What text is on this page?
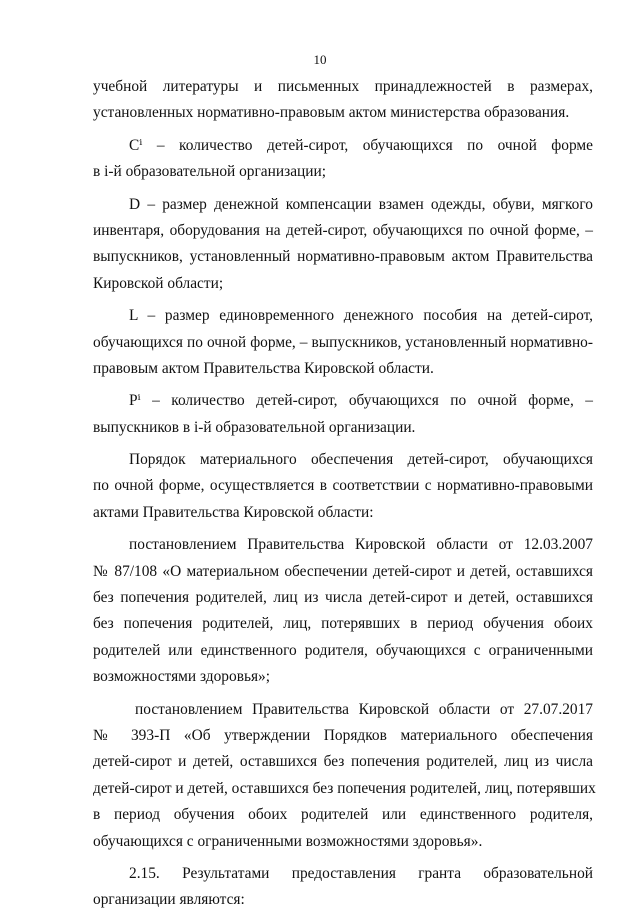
10
учебной литературы и письменных принадлежностей в размерах,
установленных нормативно-правовым актом министерства образования.
Cⁱ – количество детей-сирот, обучающихся по очной форме
в i-й образовательной организации;
D – размер денежной компенсации взамен одежды, обуви, мягкого
инвентаря, оборудования на детей-сирот, обучающихся по очной форме, –
выпускников, установленный нормативно-правовым актом Правительства
Кировской области;
L – размер единовременного денежного пособия на детей-сирот,
обучающихся по очной форме, – выпускников, установленный нормативно-
правовым актом Правительства Кировской области.
Pⁱ – количество детей-сирот, обучающихся по очной форме, –
выпускников в i-й образовательной организации.
Порядок материального обеспечения детей-сирот, обучающихся
по очной форме, осуществляется в соответствии с нормативно-правовыми
актами Правительства Кировской области:
постановлением Правительства Кировской области от 12.03.2007
№ 87/108 «О материальном обеспечении детей-сирот и детей, оставшихся
без попечения родителей, лиц из числа детей-сирот и детей, оставшихся
без попечения родителей, лиц, потерявших в период обучения обоих
родителей или единственного родителя, обучающихся с ограниченными
возможностями здоровья»;
постановлением Правительства Кировской области от 27.07.2017
№ 393-П «Об утверждении Порядков материального обеспечения
детей-сирот и детей, оставшихся без попечения родителей, лиц из числа
детей-сирот и детей, оставшихся без попечения родителей, лиц, потерявших
в период обучения обоих родителей или единственного родителя,
обучающихся с ограниченными возможностями здоровья».
2.15. Результатами предоставления гранта образовательной
организации являются:
